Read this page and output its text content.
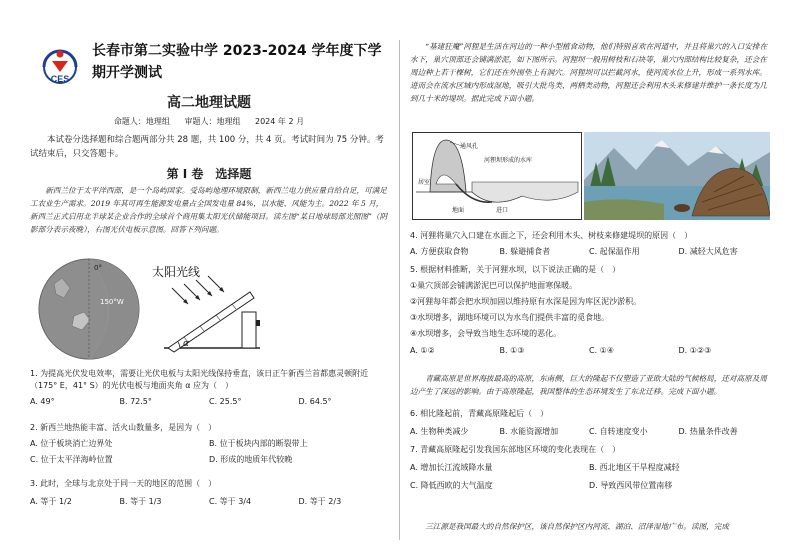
CES
长春市第二实验中学 2023-2024 学年度下学期开学测试
高二地理试题
命题人：地理组 审题人：地理组 2024 年 2 月
本试卷分选择题和综合题两部分共 28 题，共 100 分，共 4 页。考试时间为 75 分钟。考试结束后，只交答题卡。
第 I 卷　选择题
新西兰位于太平洋西部，是一个岛屿国家。受岛屿地理环境限制，新西兰电力供应量自给自足，可满足工农业生产需求。2019 年其可再生能源发电量占全国发电量 84%，以水能、风能为主。2022 年 5 月，新西兰正式启用北半球某企业合作的全球首个商用集太阳光伏储能项目。读左图“某日地球局部光照图”（阴影部分表示夜晚），右图光伏电板示意图。回答下列问题。
0°
150°W
太阳光线
α
1. 为提高光伏发电效率，需要让光伏电板与太阳光线保持垂直，该日正午新西兰首都惠灵顿附近（175° E，41° S）的光伏电板与地面夹角 α 应为（　）
A. 49°	B. 72.5°	C. 25.5°	D. 64.5°
2. 新西兰地热能丰富、活火山数量多，是因为（　）
A. 位于板块消亡边界处	B. 位于板块内部的断裂带上
C. 位于太平洋海岭位置	D. 形成的地质年代较晚
3. 此时，全球与北京处于同一天的地区的范围（　）
A. 等于 1/2	B. 等于 1/3	C. 等于 3/4	D. 等于 2/3
“基建狂魔”河狸是生活在河边的一种小型植食动物，他们特别喜欢在河道中，并且将巢穴的入口安排在水下，巢穴顶部还会铺满淤泥，如下图所示。河狸坝一般用树枝和石块等，巢穴内部结构比较复杂，还会在周边种上若干棵树，它们还在外围垫上有洞穴。河狸坝可以拦截河水，使河流水位上升，形成一系列水库。进而会在流水区域内形成湿地，吸引大批鸟类、两栖类动物，河狸还会利用木头来修建并维护一条长度为几到几十米的堤坝。据此完成下面小题。
通风孔
河狸坝形成的水库
居室
地面	进口
4. 河狸将巢穴入口建在水面之下，还会利用木头、树枝来修建堤坝的原因（　）
A. 方便获取食物	B. 躲避捕食者	C. 起保温作用	D. 减轻大风危害
5. 根据材料推断，关于河狸水坝，以下说法正确的是（　）
①巢穴顶部会铺满淤泥巴可以保护地面寒保暖。
②河狸每年都会把水坝加固以维持原有水深是因为库区泥沙淤积。
③水坝增多，湖地环境可以为水鸟们提供丰富的觅食地。
④水坝增多，会导致当地生态环境的恶化。
A. ①②	B. ①③	C. ①④	D. ①②③
青藏高原是世界海拔最高的高原，东南侧，巨大的隆起不仅塑造了亚欧大陆的气候格局，还对高原及周边产生了深远的影响。由于高原隆起，我国整体的生态环境发生了东北迁移。完成下面小题。
6. 相比隆起前，青藏高原隆起后（　）
A. 生物种类减少	B. 水能资源增加	C. 自转速度变小	D. 热量条件改善
7. 青藏高原隆起引发我国东部地区环境的变化表现在（　）
A. 增加长江流域降水量	B. 西北地区干旱程度减轻
C. 降低西欧的大气温度	D. 导致西风带位置南移
三江源是我国最大的自然保护区，该自然保护区内河流、湖泊、沼泽湿地广布。读图，完成
